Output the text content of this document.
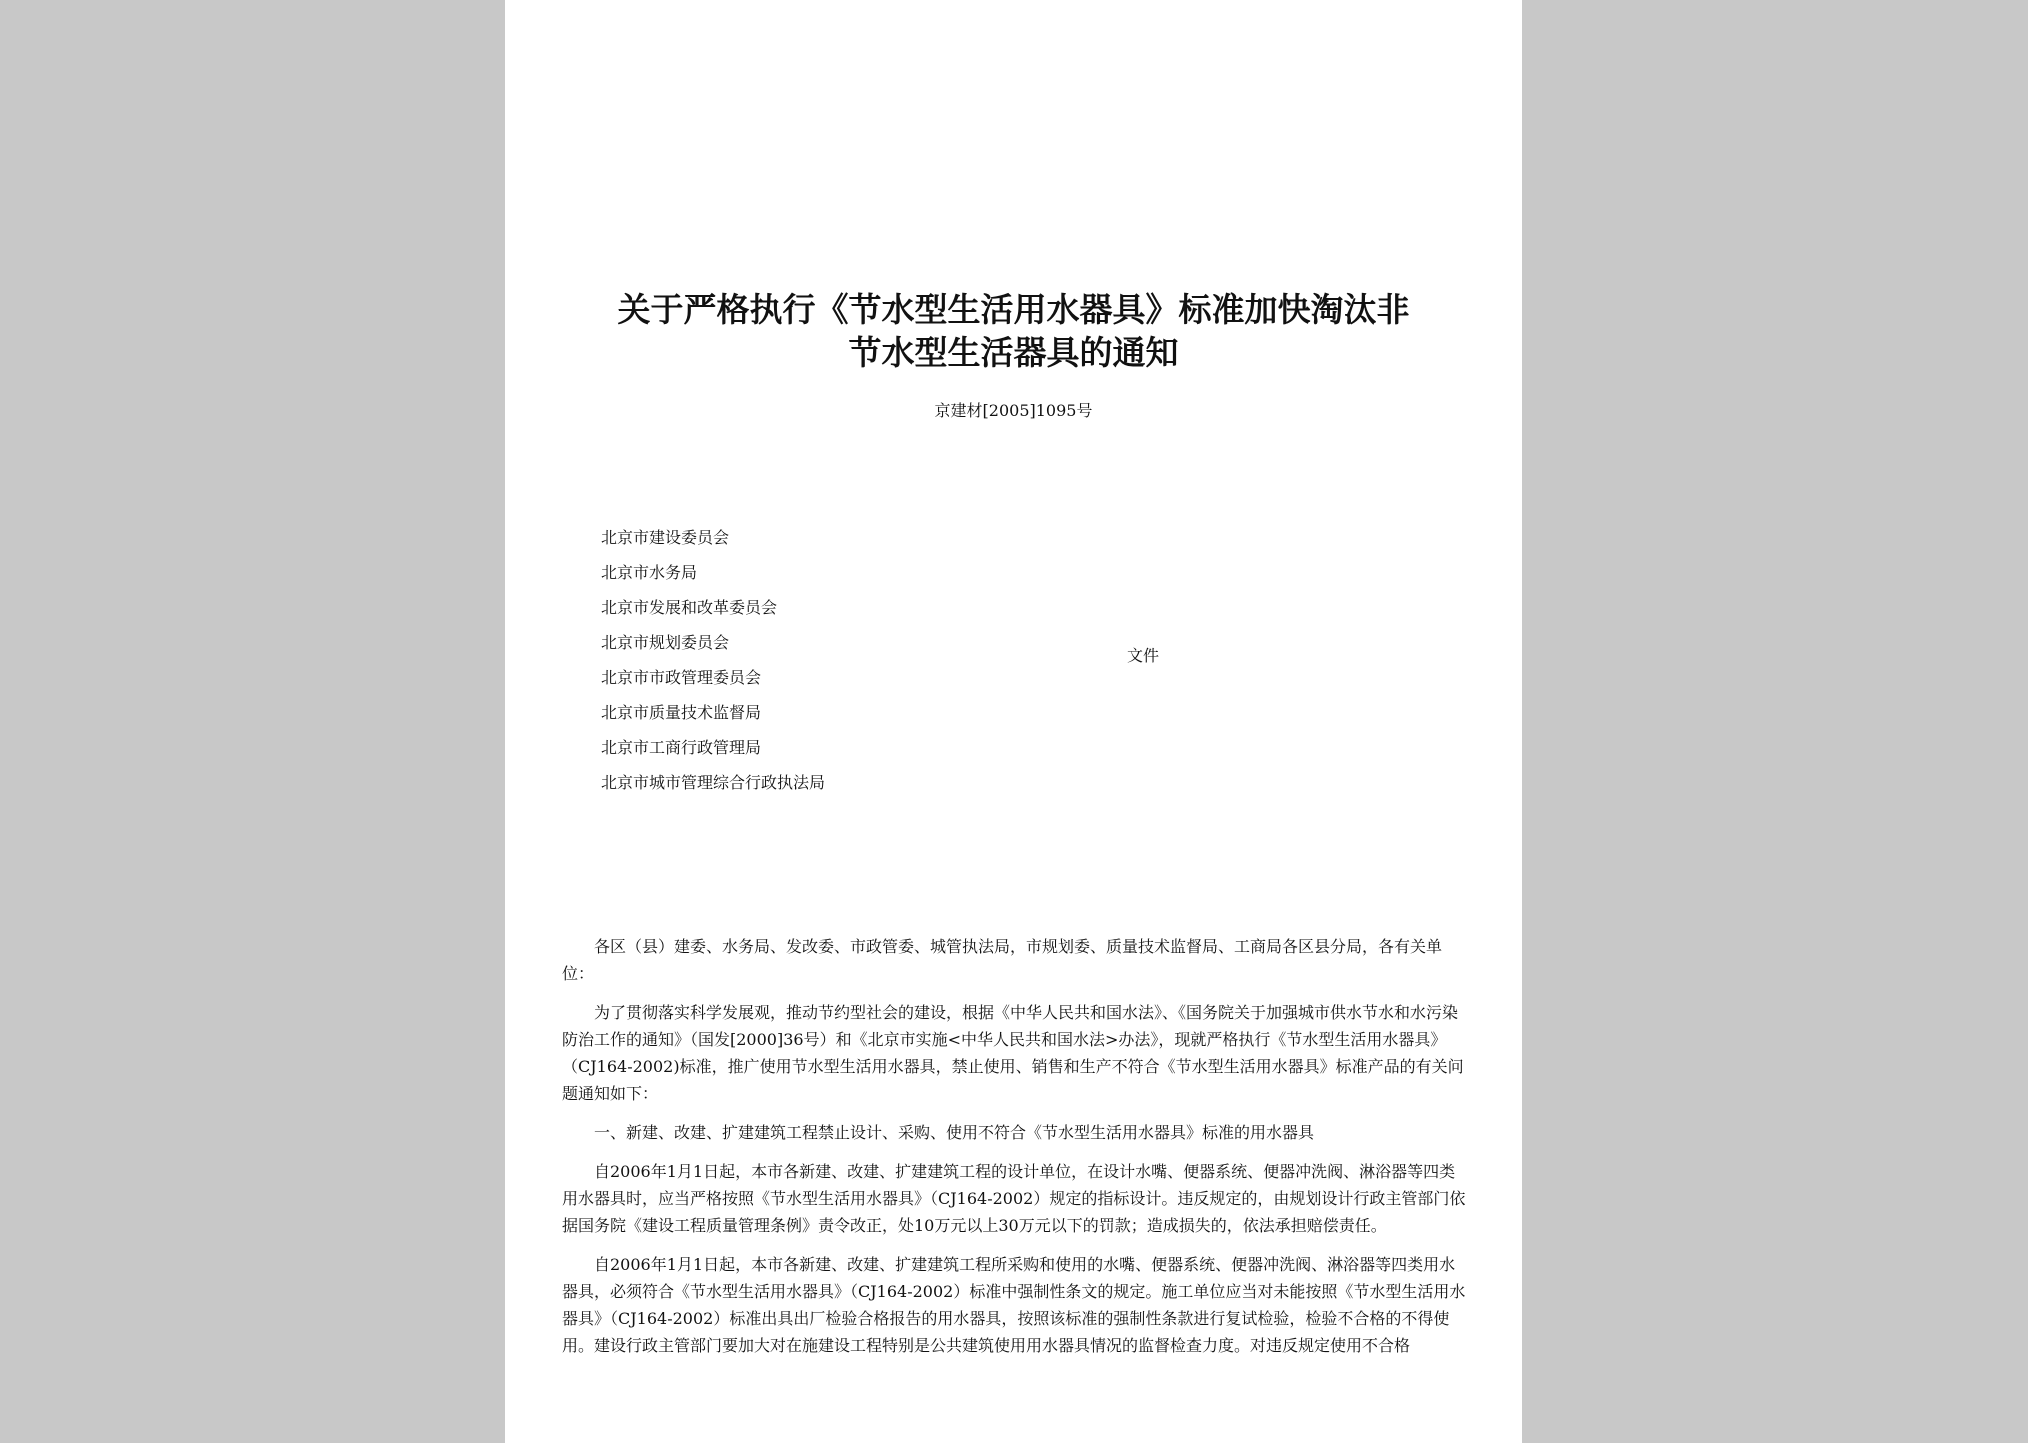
关于严格执行《节水型生活用水器具》标准加快淘汰非
节水型生活器具的通知
京建材[2005]1095号
北京市建设委员会
北京市水务局
北京市发展和改革委员会
北京市规划委员会
北京市市政管理委员会
北京市质量技术监督局
北京市工商行政管理局
北京市城市管理综合行政执法局
文件

各区（县）建委、水务局、发改委、市政管委、城管执法局，市规划委、质量技术监督局、工商局各区县分局，各有关单位：

为了贯彻落实科学发展观，推动节约型社会的建设，根据《中华人民共和国水法》、《国务院关于加强城市供水节水和水污染防治工作的通知》（国发[2000]36号）和《北京市实施<中华人民共和国水法>办法》，现就严格执行《节水型生活用水器具》（CJ164-2002)标准，推广使用节水型生活用水器具，禁止使用、销售和生产不符合《节水型生活用水器具》标准产品的有关问题通知如下：

一、新建、改建、扩建建筑工程禁止设计、采购、使用不符合《节水型生活用水器具》标准的用水器具

自2006年1月1日起，本市各新建、改建、扩建建筑工程的设计单位，在设计水嘴、便器系统、便器冲洗阀、淋浴器等四类用水器具时，应当严格按照《节水型生活用水器具》（CJ164-2002）规定的指标设计。违反规定的，由规划设计行政主管部门依据国务院《建设工程质量管理条例》责令改正，处10万元以上30万元以下的罚款；造成损失的，依法承担赔偿责任。

自2006年1月1日起，本市各新建、改建、扩建建筑工程所采购和使用的水嘴、便器系统、便器冲洗阀、淋浴器等四类用水器具，必须符合《节水型生活用水器具》（CJ164-2002）标准中强制性条文的规定。施工单位应当对未能按照《节水型生活用水器具》（CJ164-2002）标准出具出厂检验合格报告的用水器具，按照该标准的强制性条款进行复试检验，检验不合格的不得使用。建设行政主管部门要加大对在施建设工程特别是公共建筑使用用水器具情况的监督检查力度。对违反规定使用不合格
